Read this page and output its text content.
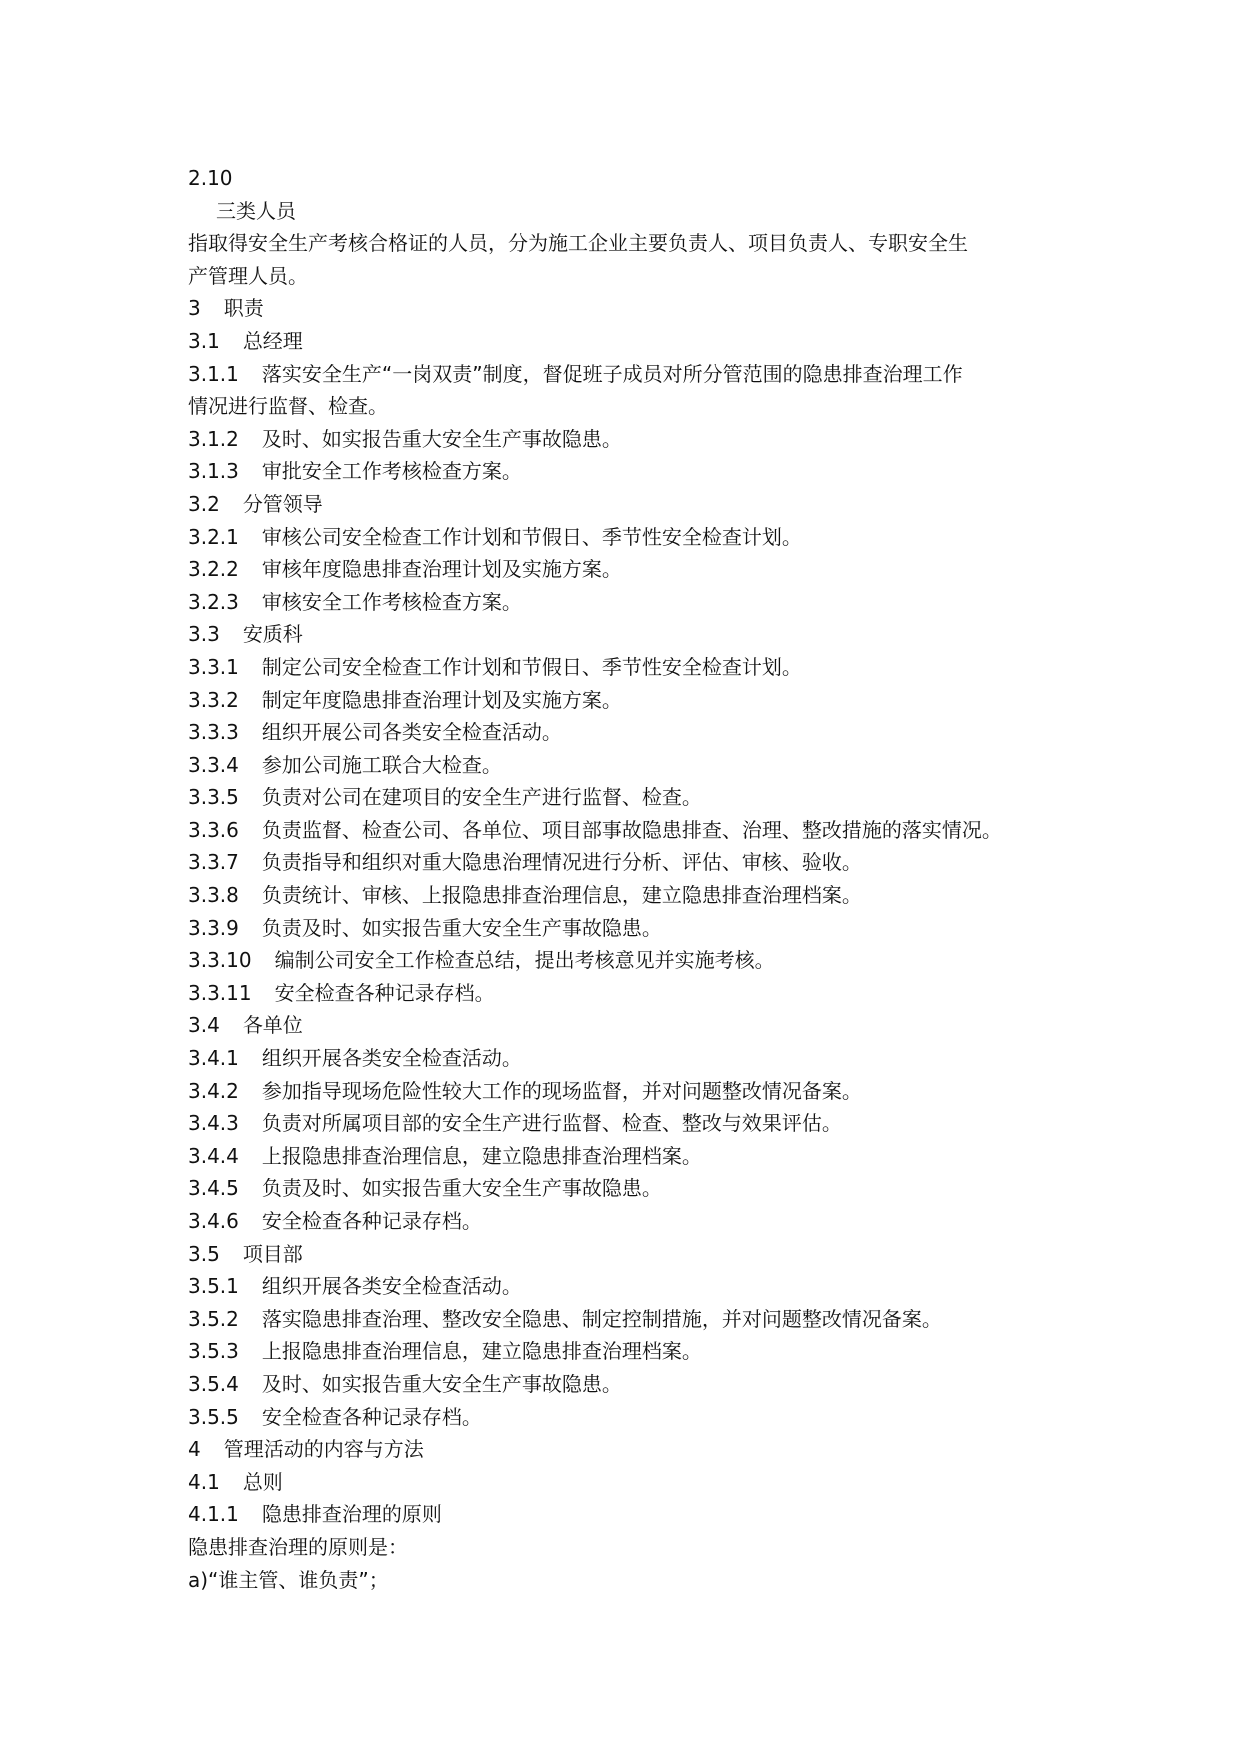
2.10
三类人员
指取得安全生产考核合格证的人员，分为施工企业主要负责人、项目负责人、专职安全生
产管理人员。
3 职责
3.1 总经理
3.1.1 落实安全生产“一岗双责”制度，督促班子成员对所分管范围的隐患排查治理工作
情况进行监督、检查。
3.1.2 及时、如实报告重大安全生产事故隐患。
3.1.3 审批安全工作考核检查方案。
3.2 分管领导
3.2.1 审核公司安全检查工作计划和节假日、季节性安全检查计划。
3.2.2 审核年度隐患排查治理计划及实施方案。
3.2.3 审核安全工作考核检查方案。
3.3 安质科
3.3.1 制定公司安全检查工作计划和节假日、季节性安全检查计划。
3.3.2 制定年度隐患排查治理计划及实施方案。
3.3.3 组织开展公司各类安全检查活动。
3.3.4 参加公司施工联合大检查。
3.3.5 负责对公司在建项目的安全生产进行监督、检查。
3.3.6 负责监督、检查公司、各单位、项目部事故隐患排查、治理、整改措施的落实情况。
3.3.7 负责指导和组织对重大隐患治理情况进行分析、评估、审核、验收。
3.3.8 负责统计、审核、上报隐患排查治理信息，建立隐患排查治理档案。
3.3.9 负责及时、如实报告重大安全生产事故隐患。
3.3.10 编制公司安全工作检查总结，提出考核意见并实施考核。
3.3.11 安全检查各种记录存档。
3.4 各单位
3.4.1 组织开展各类安全检查活动。
3.4.2 参加指导现场危险性较大工作的现场监督，并对问题整改情况备案。
3.4.3 负责对所属项目部的安全生产进行监督、检查、整改与效果评估。
3.4.4 上报隐患排查治理信息，建立隐患排查治理档案。
3.4.5 负责及时、如实报告重大安全生产事故隐患。
3.4.6 安全检查各种记录存档。
3.5 项目部
3.5.1 组织开展各类安全检查活动。
3.5.2 落实隐患排查治理、整改安全隐患、制定控制措施，并对问题整改情况备案。
3.5.3 上报隐患排查治理信息，建立隐患排查治理档案。
3.5.4 及时、如实报告重大安全生产事故隐患。
3.5.5 安全检查各种记录存档。
4 管理活动的内容与方法
4.1 总则
4.1.1 隐患排查治理的原则
隐患排查治理的原则是：
a)“谁主管、谁负责”；
